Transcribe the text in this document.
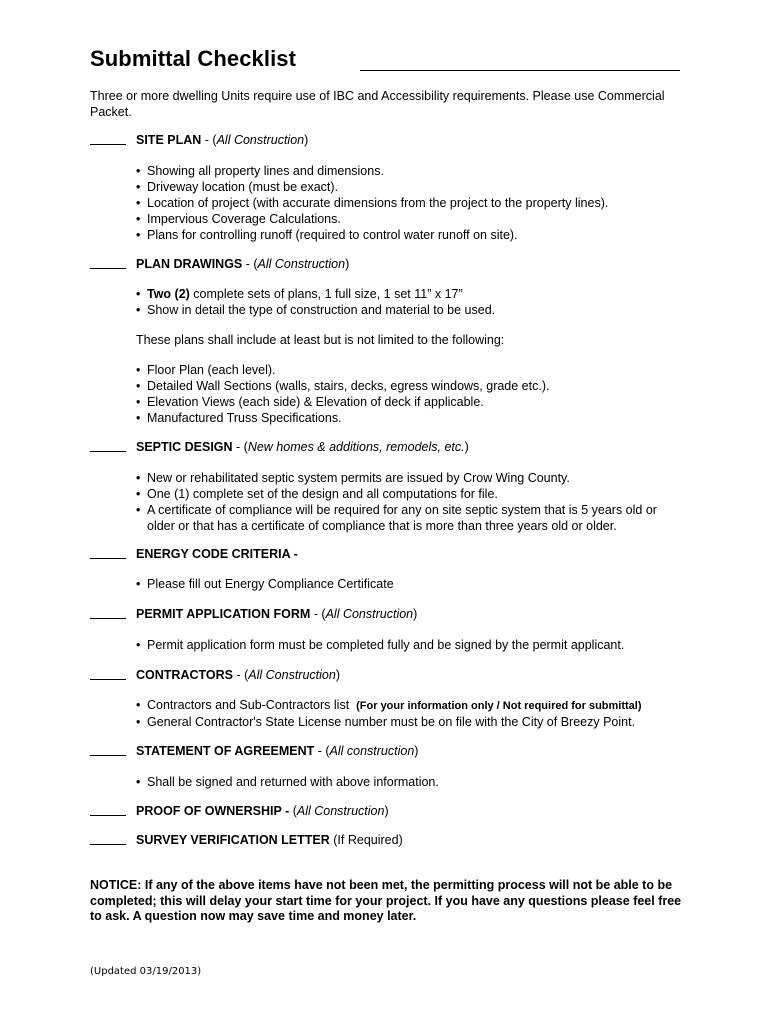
Submittal Checklist
Three or more dwelling Units require use of IBC and Accessibility requirements. Please use Commercial Packet.
SITE PLAN - (All Construction)
• Showing all property lines and dimensions.
• Driveway location (must be exact).
• Location of project (with accurate dimensions from the project to the property lines).
• Impervious Coverage Calculations.
• Plans for controlling runoff (required to control water runoff on site).
PLAN DRAWINGS - (All Construction)
• Two (2) complete sets of plans, 1 full size, 1 set 11” x 17”
• Show in detail the type of construction and material to be used.
These plans shall include at least but is not limited to the following:
• Floor Plan (each level).
• Detailed Wall Sections (walls, stairs, decks, egress windows, grade etc.).
• Elevation Views (each side) & Elevation of deck if applicable.
• Manufactured Truss Specifications.
SEPTIC DESIGN - (New homes & additions, remodels, etc.)
• New or rehabilitated septic system permits are issued by Crow Wing County.
• One (1) complete set of the design and all computations for file.
• A certificate of compliance will be required for any on site septic system that is 5 years old or older or that has a certificate of compliance that is more than three years old or older.
ENERGY CODE CRITERIA -
• Please fill out Energy Compliance Certificate
PERMIT APPLICATION FORM - (All Construction)
• Permit application form must be completed fully and be signed by the permit applicant.
CONTRACTORS - (All Construction)
• Contractors and Sub-Contractors list (For your information only / Not required for submittal)
• General Contractor's State License number must be on file with the City of Breezy Point.
STATEMENT OF AGREEMENT - (All construction)
• Shall be signed and returned with above information.
PROOF OF OWNERSHIP - (All Construction)
SURVEY VERIFICATION LETTER (If Required)
NOTICE: If any of the above items have not been met, the permitting process will not be able to be completed; this will delay your start time for your project. If you have any questions please feel free to ask. A question now may save time and money later.
(Updated 03/19/2013)
